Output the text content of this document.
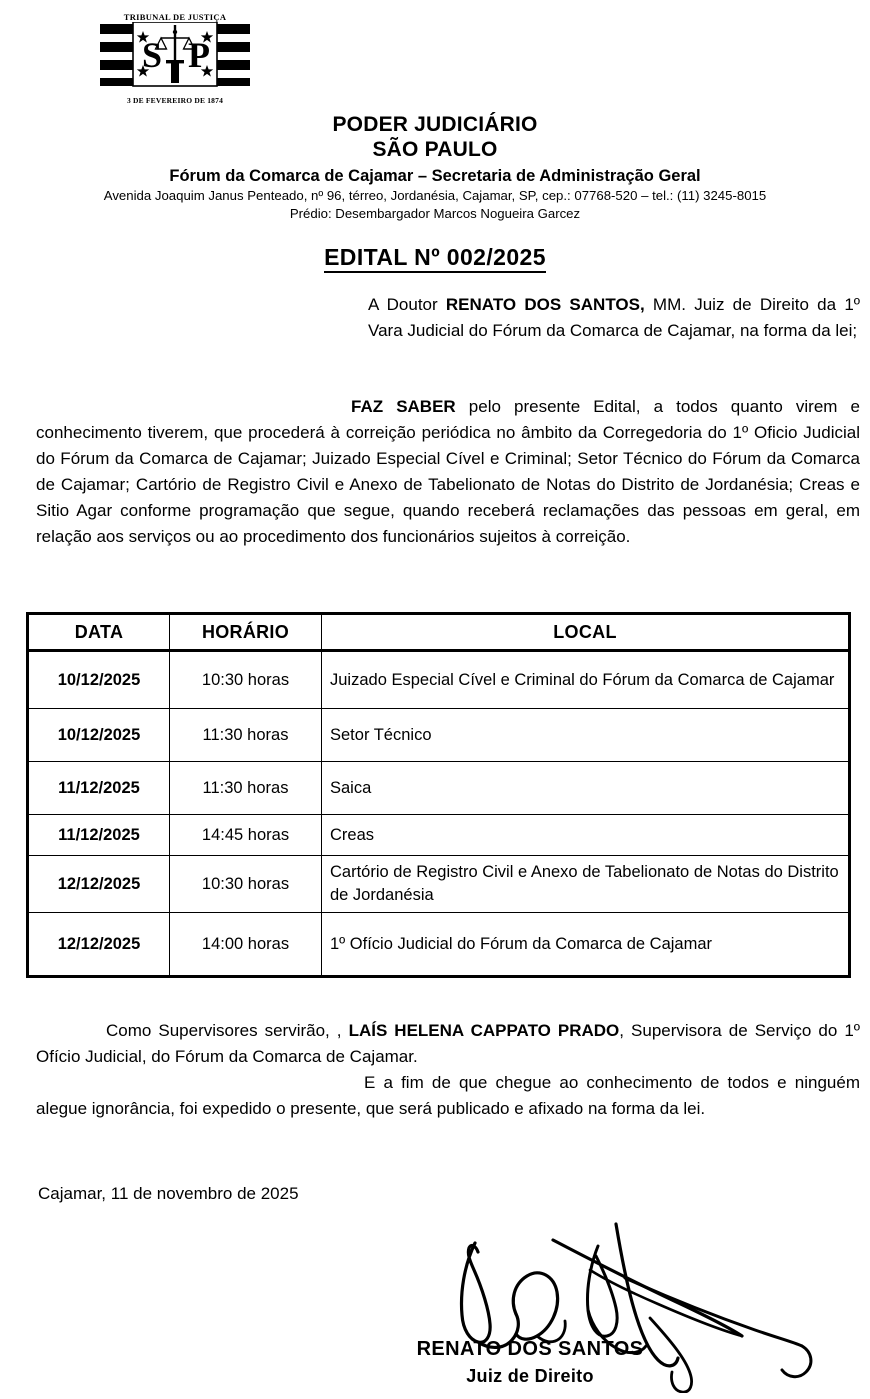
TRIBUNAL DE JUSTIÇA
S P
3 DE FEVEREIRO DE 1874
PODER JUDICIÁRIO
SÃO PAULO
Fórum da Comarca de Cajamar – Secretaria de Administração Geral
Avenida Joaquim Janus Penteado, nº 96, térreo, Jordanésia, Cajamar, SP, cep.: 07768-520 – tel.: (11) 3245-8015
Prédio: Desembargador Marcos Nogueira Garcez
EDITAL Nº 002/2025
A Doutor RENATO DOS SANTOS, MM. Juiz de Direito da 1º Vara Judicial do Fórum da Comarca de Cajamar, na forma da lei;
FAZ SABER pelo presente Edital, a todos quanto virem e conhecimento tiverem, que procederá à correição periódica no âmbito da Corregedoria do 1º Oficio Judicial do Fórum da Comarca de Cajamar; Juizado Especial Cível e Criminal; Setor Técnico do Fórum da Comarca de Cajamar; Cartório de Registro Civil e Anexo de Tabelionato de Notas do Distrito de Jordanésia; Creas e Sitio Agar conforme programação que segue, quando receberá reclamações das pessoas em geral, em relação aos serviços ou ao procedimento dos funcionários sujeitos à correição.
DATA	HORÁRIO	LOCAL
10/12/2025	10:30 horas	Juizado Especial Cível e Criminal do Fórum da Comarca de Cajamar
10/12/2025	11:30 horas	Setor Técnico
11/12/2025	11:30 horas	Saica
11/12/2025	14:45 horas	Creas
12/12/2025	10:30 horas	Cartório de Registro Civil e Anexo de Tabelionato de Notas do Distrito de Jordanésia
12/12/2025	14:00 horas	1º Ofício Judicial do Fórum da Comarca de Cajamar
Como Supervisores servirão, , LAÍS HELENA CAPPATO PRADO, Supervisora de Serviço do 1º Ofício Judicial, do Fórum da Comarca de Cajamar.
E a fim de que chegue ao conhecimento de todos e ninguém alegue ignorância, foi expedido o presente, que será publicado e afixado na forma da lei.
Cajamar, 11 de novembro de 2025
RENATO DOS SANTOS
Juiz de Direito
